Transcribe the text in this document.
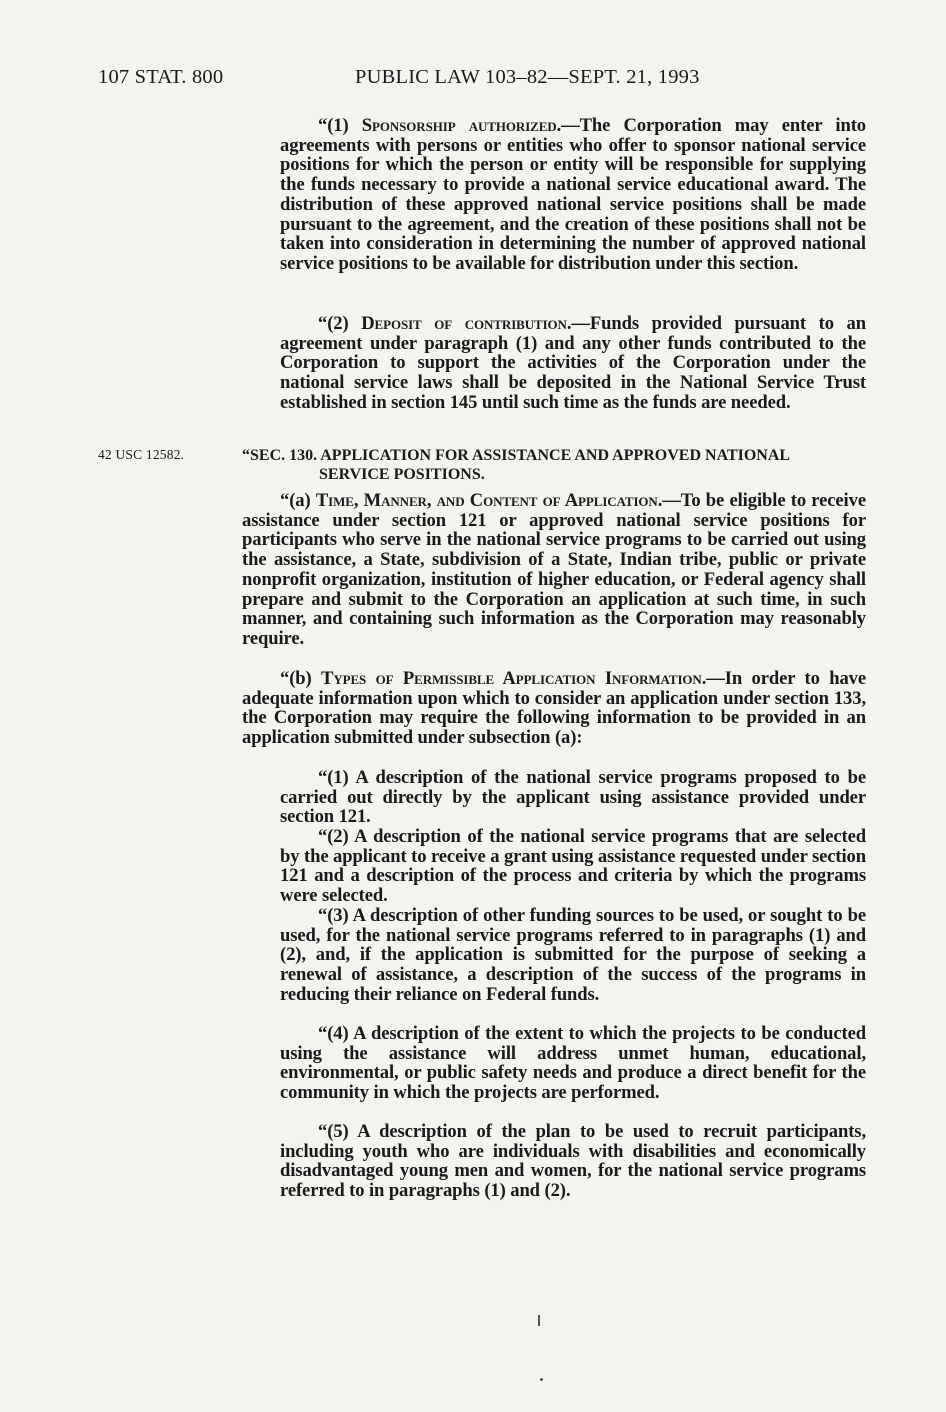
107 STAT. 800	PUBLIC LAW 103–82—SEPT. 21, 1993

“(1) Sponsorship authorized.—The Corporation may enter into agreements with persons or entities who offer to sponsor national service positions for which the person or entity will be responsible for supplying the funds necessary to provide a national service educational award. The distribution of these approved national service positions shall be made pursuant to the agreement, and the creation of these positions shall not be taken into consideration in determining the number of approved national service positions to be available for distribution under this section.

“(2) Deposit of contribution.—Funds provided pursuant to an agreement under paragraph (1) and any other funds contributed to the Corporation to support the activities of the Corporation under the national service laws shall be deposited in the National Service Trust established in section 145 until such time as the funds are needed.

42 USC 12582.	“SEC. 130. APPLICATION FOR ASSISTANCE AND APPROVED NATIONAL
SERVICE POSITIONS.

“(a) Time, Manner, and Content of Application.—To be eligible to receive assistance under section 121 or approved national service positions for participants who serve in the national service programs to be carried out using the assistance, a State, subdivision of a State, Indian tribe, public or private nonprofit organization, institution of higher education, or Federal agency shall prepare and submit to the Corporation an application at such time, in such manner, and containing such information as the Corporation may reasonably require.

“(b) Types of Permissible Application Information.—In order to have adequate information upon which to consider an application under section 133, the Corporation may require the following information to be provided in an application submitted under subsection (a):

“(1) A description of the national service programs proposed to be carried out directly by the applicant using assistance provided under section 121.

“(2) A description of the national service programs that are selected by the applicant to receive a grant using assistance requested under section 121 and a description of the process and criteria by which the programs were selected.

“(3) A description of other funding sources to be used, or sought to be used, for the national service programs referred to in paragraphs (1) and (2), and, if the application is submitted for the purpose of seeking a renewal of assistance, a description of the success of the programs in reducing their reliance on Federal funds.

“(4) A description of the extent to which the projects to be conducted using the assistance will address unmet human, educational, environmental, or public safety needs and produce a direct benefit for the community in which the projects are performed.

“(5) A description of the plan to be used to recruit participants, including youth who are individuals with disabilities and economically disadvantaged young men and women, for the national service programs referred to in paragraphs (1) and (2).
